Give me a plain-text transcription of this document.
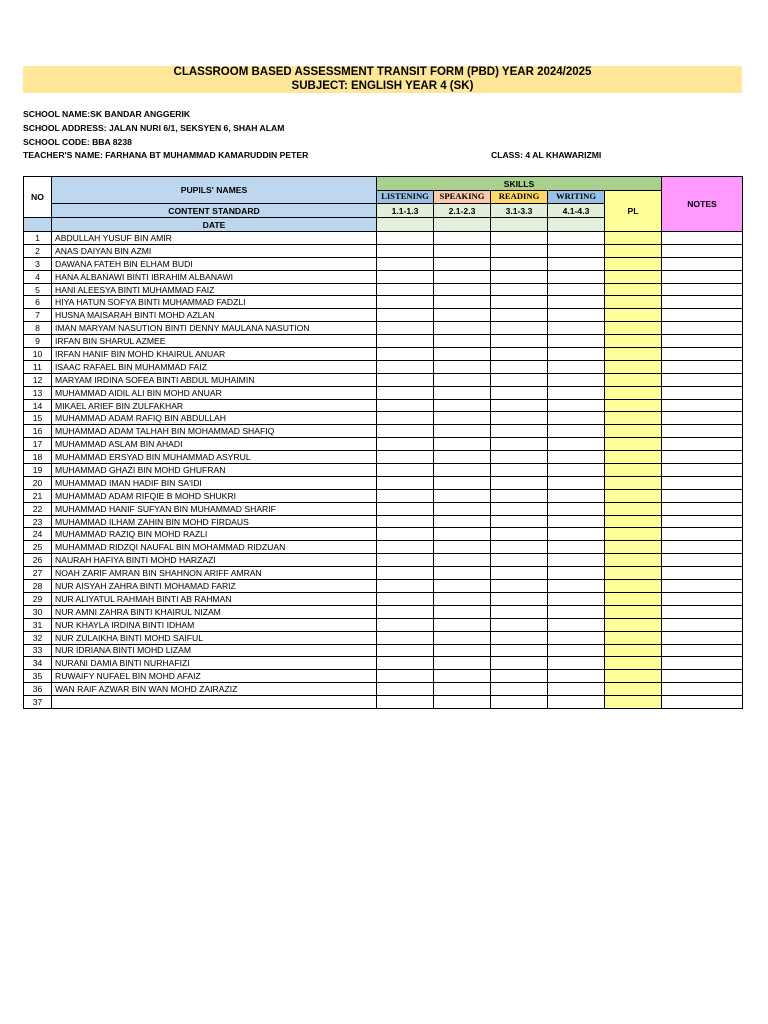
CLASSROOM BASED ASSESSMENT TRANSIT FORM (PBD) YEAR 2024/2025
SUBJECT: ENGLISH YEAR 4 (SK)
SCHOOL NAME:SK BANDAR ANGGERIK
SCHOOL ADDRESS: JALAN NURI 6/1, SEKSYEN 6, SHAH ALAM
SCHOOL CODE: BBA 8238
TEACHER'S NAME: FARHANA BT MUHAMMAD KAMARUDDIN PETER	CLASS: 4 AL KHAWARIZMI
NO	PUPILS' NAMES	SKILLS					NOTES

		LISTENING	SPEAKING	READING	WRITING	PL	
	CONTENT STANDARD	1.1-1.3	2.1-2.3	3.1-3.3	4.1-4.3		
	DATE						
1	ABDULLAH YUSUF BIN AMIR						
2	ANAS DAIYAN BIN AZMI						
3	DAWANA FATEH BIN ELHAM BUDI						
4	HANA ALBANAWI BINTI IBRAHIM ALBANAWI						
5	HANI ALEESYA BINTI MUHAMMAD FAIZ						
6	HIYA HATUN SOFYA BINTI MUHAMMAD FADZLI						
7	HUSNA MAISARAH BINTI MOHD AZLAN						
8	IMAN MARYAM NASUTION BINTI DENNY MAULANA NASUTION						
9	IRFAN BIN SHARUL AZMEE						
10	IRFAN HANIF BIN MOHD KHAIRUL ANUAR						
11	ISAAC RAFAEL BIN MUHAMMAD FAIZ						
12	MARYAM IRDINA SOFEA BINTI ABDUL MUHAIMIN						
13	MUHAMMAD AIDIL ALI BIN MOHD ANUAR						
14	MIKAEL ARIEF BIN ZULFAKHAR						
15	MUHAMMAD ADAM RAFIQ BIN ABDULLAH						
16	MUHAMMAD ADAM TALHAH BIN MOHAMMAD SHAFIQ						
17	MUHAMMAD ASLAM BIN AHADI						
18	MUHAMMAD ERSYAD BIN MUHAMMAD ASYRUL						
19	MUHAMMAD GHAZI BIN MOHD GHUFRAN						
20	MUHAMMAD IMAN HADIF BIN SA'IDI						
21	MUHAMMAD ADAM RIFQIE B MOHD SHUKRI						
22	MUHAMMAD HANIF SUFYAN BIN MUHAMMAD SHARIF						
23	MUHAMMAD ILHAM ZAHIN BIN MOHD FIRDAUS						
24	MUHAMMAD RAZIQ BIN MOHD RAZLI						
25	MUHAMMAD RIDZQI NAUFAL BIN MOHAMMAD RIDZUAN						
26	NAURAH HAFIYA BINTI MOHD HARZAZI						
27	NOAH ZARIF AMRAN BIN SHAHNON ARIFF AMRAN						
28	NUR AISYAH ZAHRA BINTI MOHAMAD FARIZ						
29	NUR ALIYATUL RAHMAH BINTI AB RAHMAN						
30	NUR AMNI ZAHRA BINTI KHAIRUL NIZAM						
31	NUR KHAYLA IRDINA BINTI IDHAM						
32	NUR ZULAIKHA BINTI MOHD SAIFUL						
33	NUR IDRIANA BINTI MOHD LIZAM						
34	NURANI DAMIA BINTI NURHAFIZI						
35	RUWAIFY NUFAEL BIN MOHD AFAIZ						
36	WAN RAIF AZWAR BIN WAN MOHD ZAIRAZIZ						
37							
